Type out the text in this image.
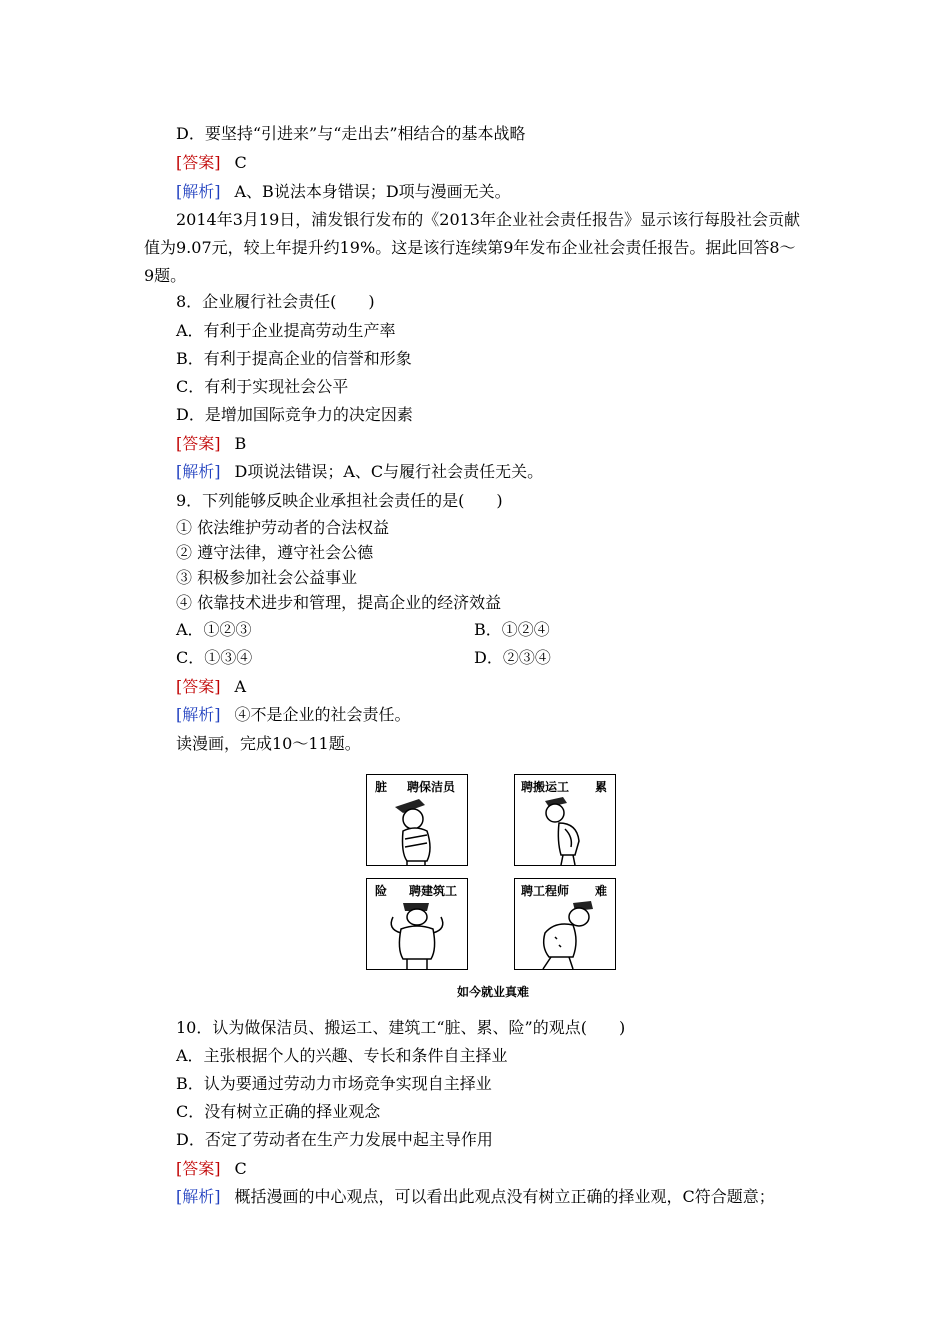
D．要坚持“引进来”与“走出去”相结合的基本战略
[答案] C
[解析] A、B说法本身错误；D项与漫画无关。
2014年3月19日，浦发银行发布的《2013年企业社会责任报告》显示该行每股社会贡献
值为9.07元，较上年提升约19%。这是该行连续第9年发布企业社会责任报告。据此回答8～
9题。
8．企业履行社会责任(　　)
A．有利于企业提高劳动生产率
B．有利于提高企业的信誉和形象
C．有利于实现社会公平
D．是增加国际竞争力的决定因素
[答案] B
[解析] D项说法错误；A、C与履行社会责任无关。
9．下列能够反映企业承担社会责任的是(　　)
① 依法维护劳动者的合法权益
② 遵守法律，遵守社会公德
③ 积极参加社会公益事业
④ 依靠技术进步和管理，提高企业的经济效益
A．①②③	B．①②④
C．①③④	D．②③④
[答案] A
[解析] ④不是企业的社会责任。
读漫画，完成10～11题。
脏 聘保洁员	聘搬运工 累
险 聘建筑工	聘工程师 难
如今就业真难
10．认为做保洁员、搬运工、建筑工“脏、累、险”的观点(　　)
A．主张根据个人的兴趣、专长和条件自主择业
B．认为要通过劳动力市场竞争实现自主择业
C．没有树立正确的择业观念
D．否定了劳动者在生产力发展中起主导作用
[答案] C
[解析] 概括漫画的中心观点，可以看出此观点没有树立正确的择业观，C符合题意；
